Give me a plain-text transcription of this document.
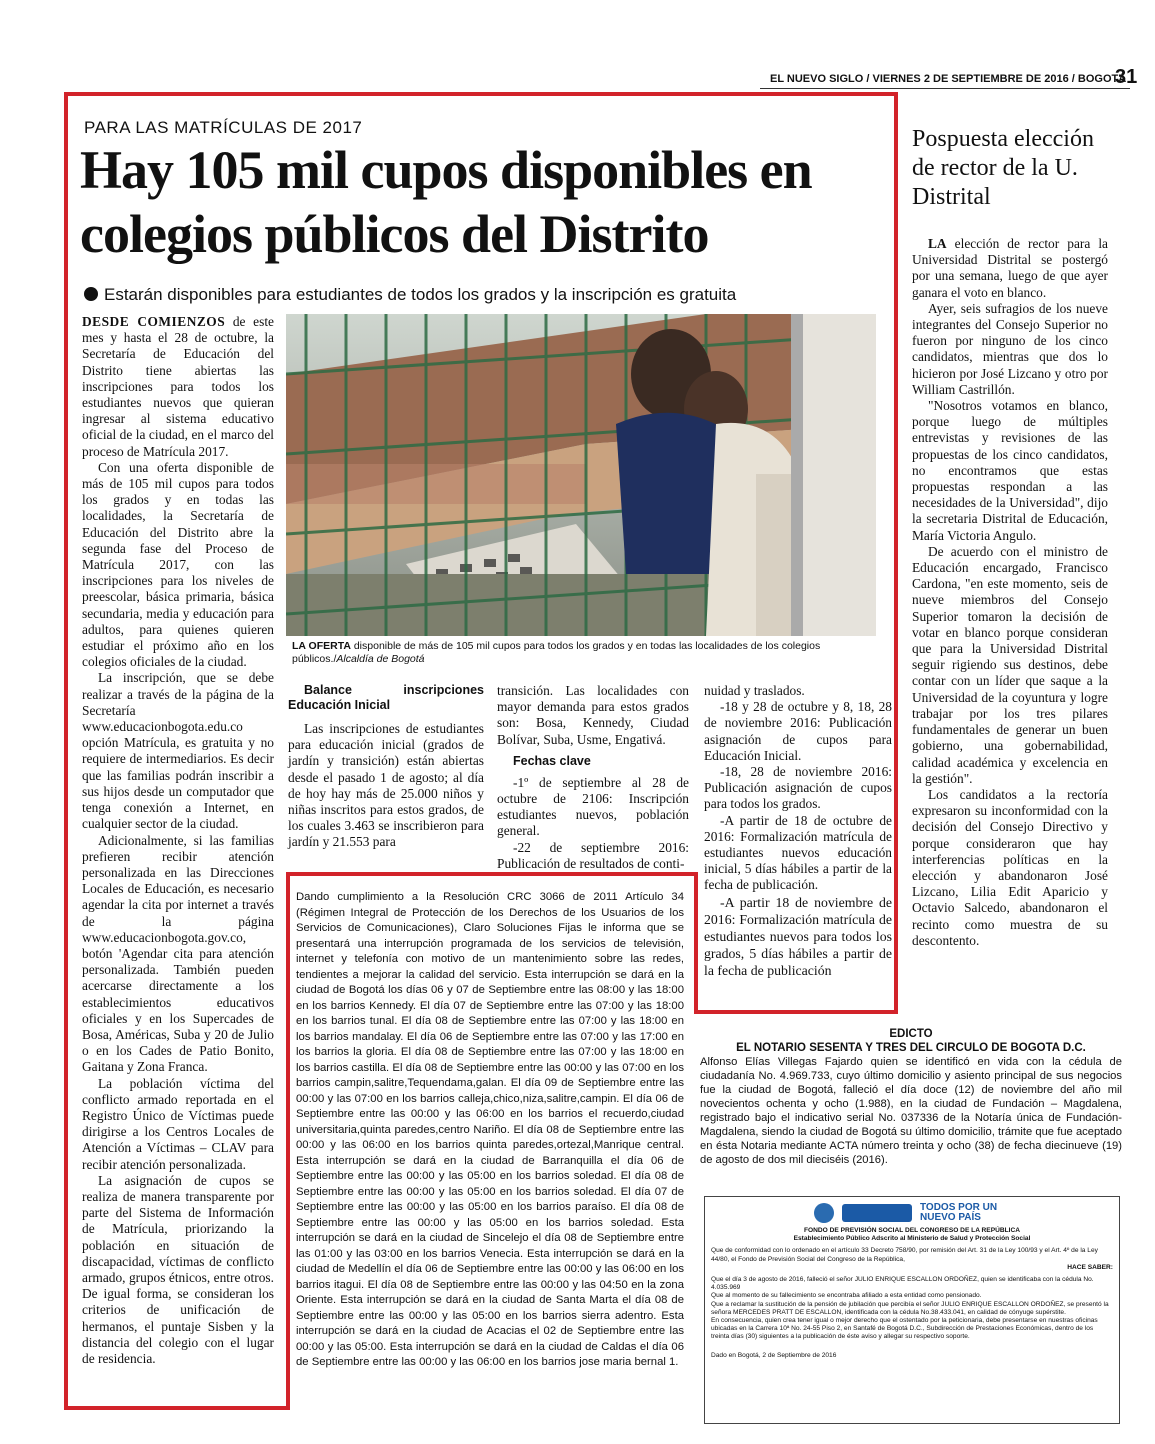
EL NUEVO SIGLO / VIERNES 2 DE SEPTIEMBRE DE 2016 / BOGOTÁ
31
PARA LAS MATRÍCULAS DE 2017
Hay 105 mil cupos disponibles en colegios públicos del Distrito
Estarán disponibles para estudiantes de todos los grados y la inscripción es gratuita

DESDE COMIENZOS de este mes y hasta el 28 de octubre, la Secretaría de Educación del Distrito tiene abiertas las inscripciones para todos los estudiantes nuevos que quieran ingresar al sistema educativo oficial de la ciudad, en el marco del proceso de Matrícula 2017.

Con una oferta disponible de más de 105 mil cupos para todos los grados y en todas las localidades, la Secretaría de Educación del Distrito abre la segunda fase del Proceso de Matrícula 2017, con las inscripciones para los niveles de preescolar, básica primaria, básica secundaria, media y educación para adultos, para quienes quieren estudiar el próximo año en los colegios oficiales de la ciudad.

La inscripción, que se debe realizar a través de la página de la Secretaría www.educacionbogota.edu.co opción Matrícula, es gratuita y no requiere de intermediarios. Es decir que las familias podrán inscribir a sus hijos desde un computador que tenga conexión a Internet, en cualquier sector de la ciudad.

Adicionalmente, si las familias prefieren recibir atención personalizada en las Direcciones Locales de Educación, es necesario agendar la cita por internet a través de la página www.educacionbogota.gov.co, botón 'Agendar cita para atención personalizada. También pueden acercarse directamente a los establecimientos educativos oficiales y en los Supercades de Bosa, Américas, Suba y 20 de Julio o en los Cades de Patio Bonito, Gaitana y Zona Franca.

La población víctima del conflicto armado reportada en el Registro Único de Víctimas puede dirigirse a los Centros Locales de Atención a Víctimas – CLAV para recibir atención personalizada.

La asignación de cupos se realiza de manera transparente por parte del Sistema de Información de Matrícula, priorizando la población en situación de discapacidad, víctimas de conflicto armado, grupos étnicos, entre otros. De igual forma, se consideran los criterios de unificación de hermanos, el puntaje Sisben y la distancia del colegio con el lugar de residencia.

LA OFERTA disponible de más de 105 mil cupos para todos los grados y en todas las localidades de los colegios públicos./Alcaldía de Bogotá

Balance inscripciones Educación Inicial

Las inscripciones de estudiantes para educación inicial (grados de jardín y transición) están abiertas desde el pasado 1 de agosto; al día de hoy hay más de 25.000 niños y niñas inscritos para estos grados, de los cuales 3.463 se inscribieron para jardín y 21.553 para

transición. Las localidades con mayor demanda para estos grados son: Bosa, Kennedy, Ciudad Bolívar, Suba, Usme, Engativá.

Fechas clave

-1º de septiembre al 28 de octubre de 2106: Inscripción estudiantes nuevos, población general.

-22 de septiembre 2016: Publicación de resultados de conti-

nuidad y traslados.

-18 y 28 de octubre y 8, 18, 28 de noviembre 2016: Publicación asignación de cupos para Educación Inicial.

-18, 28 de noviembre 2016: Publicación asignación de cupos para todos los grados.

-A partir de 18 de octubre de 2016: Formalización matrícula de estudiantes nuevos educación inicial, 5 días hábiles a partir de la fecha de publicación.

-A partir 18 de noviembre de 2016: Formalización matrícula de estudiantes nuevos para todos los grados, 5 días hábiles a partir de la fecha de publicación

Dando cumplimiento a la Resolución CRC 3066 de 2011 Artículo 34 (Régimen Integral de Protección de los Derechos de los Usuarios de los Servicios de Comunicaciones), Claro Soluciones Fijas le informa que se presentará una interrupción programada de los servicios de televisión, internet y telefonía con motivo de un mantenimiento sobre las redes, tendientes a mejorar la calidad del servicio. Esta interrupción se dará en la ciudad de Bogotá los días 06 y 07 de Septiembre entre las 08:00 y las 18:00 en los barrios Kennedy. El día 07 de Septiembre entre las 07:00 y las 18:00 en los barrios tunal. El día 08 de Septiembre entre las 07:00 y las 18:00 en los barrios mandalay. El día 06 de Septiembre entre las 07:00 y las 17:00 en los barrios la gloria. El día 08 de Septiembre entre las 07:00 y las 18:00 en los barrios castilla. El día 08 de Septiembre entre las 00:00 y las 07:00 en los barrios campin,salitre,Tequendama,galan. El día 09 de Septiembre entre las 00:00 y las 07:00 en los barrios calleja,chico,niza,salitre,campin. El día 06 de Septiembre entre las 00:00 y las 06:00 en los barrios el recuerdo,ciudad universitaria,quinta paredes,centro Nariño. El día 08 de Septiembre entre las 00:00 y las 06:00 en los barrios quinta paredes,ortezal,Manrique central. Esta interrupción se dará en la ciudad de Barranquilla el día 06 de Septiembre entre las 00:00 y las 05:00 en los barrios soledad. El día 08 de Septiembre entre las 00:00 y las 05:00 en los barrios soledad. El día 07 de Septiembre entre las 00:00 y las 05:00 en los barrios paraíso. El día 08 de Septiembre entre las 00:00 y las 05:00 en los barrios soledad. Esta interrupción se dará en la ciudad de Sincelejo el día 08 de Septiembre entre las 01:00 y las 03:00 en los barrios Venecia. Esta interrupción se dará en la ciudad de Medellín el día 06 de Septiembre entre las 00:00 y las 06:00 en los barrios itagui. El día 08 de Septiembre entre las 00:00 y las 04:50 en la zona Oriente. Esta interrupción se dará en la ciudad de Santa Marta el día 08 de Septiembre entre las 00:00 y las 05:00 en los barrios sierra adentro. Esta interrupción se dará en la ciudad de Acacias el 02 de Septiembre entre las 00:00 y las 05:00. Esta interrupción se dará en la ciudad de Caldas el día 06 de Septiembre entre las 00:00 y las 06:00 en los barrios jose maria bernal 1.
Pospuesta elección de rector de la U. Distrital

LA elección de rector para la Universidad Distrital se postergó por una semana, luego de que ayer ganara el voto en blanco.

Ayer, seis sufragios de los nueve integrantes del Consejo Superior no fueron por ninguno de los cinco candidatos, mientras que dos lo hicieron por José Lizcano y otro por William Castrillón.

"Nosotros votamos en blanco, porque luego de múltiples entrevistas y revisiones de las propuestas de los cinco candidatos, no encontramos que estas propuestas respondan a las necesidades de la Universidad", dijo la secretaria Distrital de Educación, María Victoria Angulo.

De acuerdo con el ministro de Educación encargado, Francisco Cardona, "en este momento, seis de nueve miembros del Consejo Superior tomaron la decisión de votar en blanco porque consideran que para la Universidad Distrital seguir rigiendo sus destinos, debe contar con un líder que saque a la Universidad de la coyuntura y logre trabajar por los tres pilares fundamentales de generar un buen gobierno, una gobernabilidad, calidad académica y excelencia en la gestión".

Los candidatos a la rectoría expresaron su inconformidad con la decisión del Consejo Directivo y porque consideraron que hay interferencias políticas en la elección y abandonaron José Lizcano, Lilia Edit Aparicio y Octavio Salcedo, abandonaron el recinto como muestra de su descontento.

EDICTO
EL NOTARIO SESENTA Y TRES DEL CIRCULO DE BOGOTA D.C.
Alfonso Elías Villegas Fajardo quien se identificó en vida con la cédula de ciudadanía No. 4.969.733, cuyo último domicilio y asiento principal de sus negocios fue la ciudad de Bogotá, falleció el día doce (12) de noviembre del año mil novecientos ochenta y ocho (1.988), en la ciudad de Fundación – Magdalena, registrado bajo el indicativo serial No. 037336 de la Notaría única de Fundación- Magdalena, siendo la ciudad de Bogotá su último domicilio, trámite que fue aceptado en ésta Notaria mediante ACTA número treinta y ocho (38) de fecha diecinueve (19) de agosto de dos mil dieciséis (2016).
TODOS POR UN NUEVO PAÍS
FONDO DE PREVISIÓN SOCIAL DEL CONGRESO DE LA REPÚBLICA
Establecimiento Público Adscrito al Ministerio de Salud y Protección Social
Que de conformidad con lo ordenado en el artículo 33 Decreto 758/90, por remisión del Art. 31 de la Ley 100/93 y el Art. 4º de la Ley 44/80, el Fondo de Previsión Social del Congreso de la República,
HACE SABER:
Que el día 3 de agosto de 2016, falleció el señor JULIO ENRIQUE ESCALLON ORDOÑEZ, quien se identificaba con la cédula No. 4.035.969
Que al momento de su fallecimiento se encontraba afiliado a esta entidad como pensionado.
Que a reclamar la sustitución de la pensión de jubilación que percibía el señor JULIO ENRIQUE ESCALLON ORDOÑEZ, se presentó la señora MERCEDES PRATT DE ESCALLON, identificada con la cédula No.38.433.041, en calidad de cónyuge supérstite.
En consecuencia, quien crea tener igual o mejor derecho que el ostentado por la peticionaria, debe presentarse en nuestras oficinas ubicadas en la Carrera 10ª No. 24-55 Piso 2, en Santafé de Bogotá D.C., Subdirección de Prestaciones Económicas, dentro de los treinta días (30) siguientes a la publicación de éste aviso y allegar su respectivo soporte.
Dado en Bogotá, 2 de Septiembre de 2016
